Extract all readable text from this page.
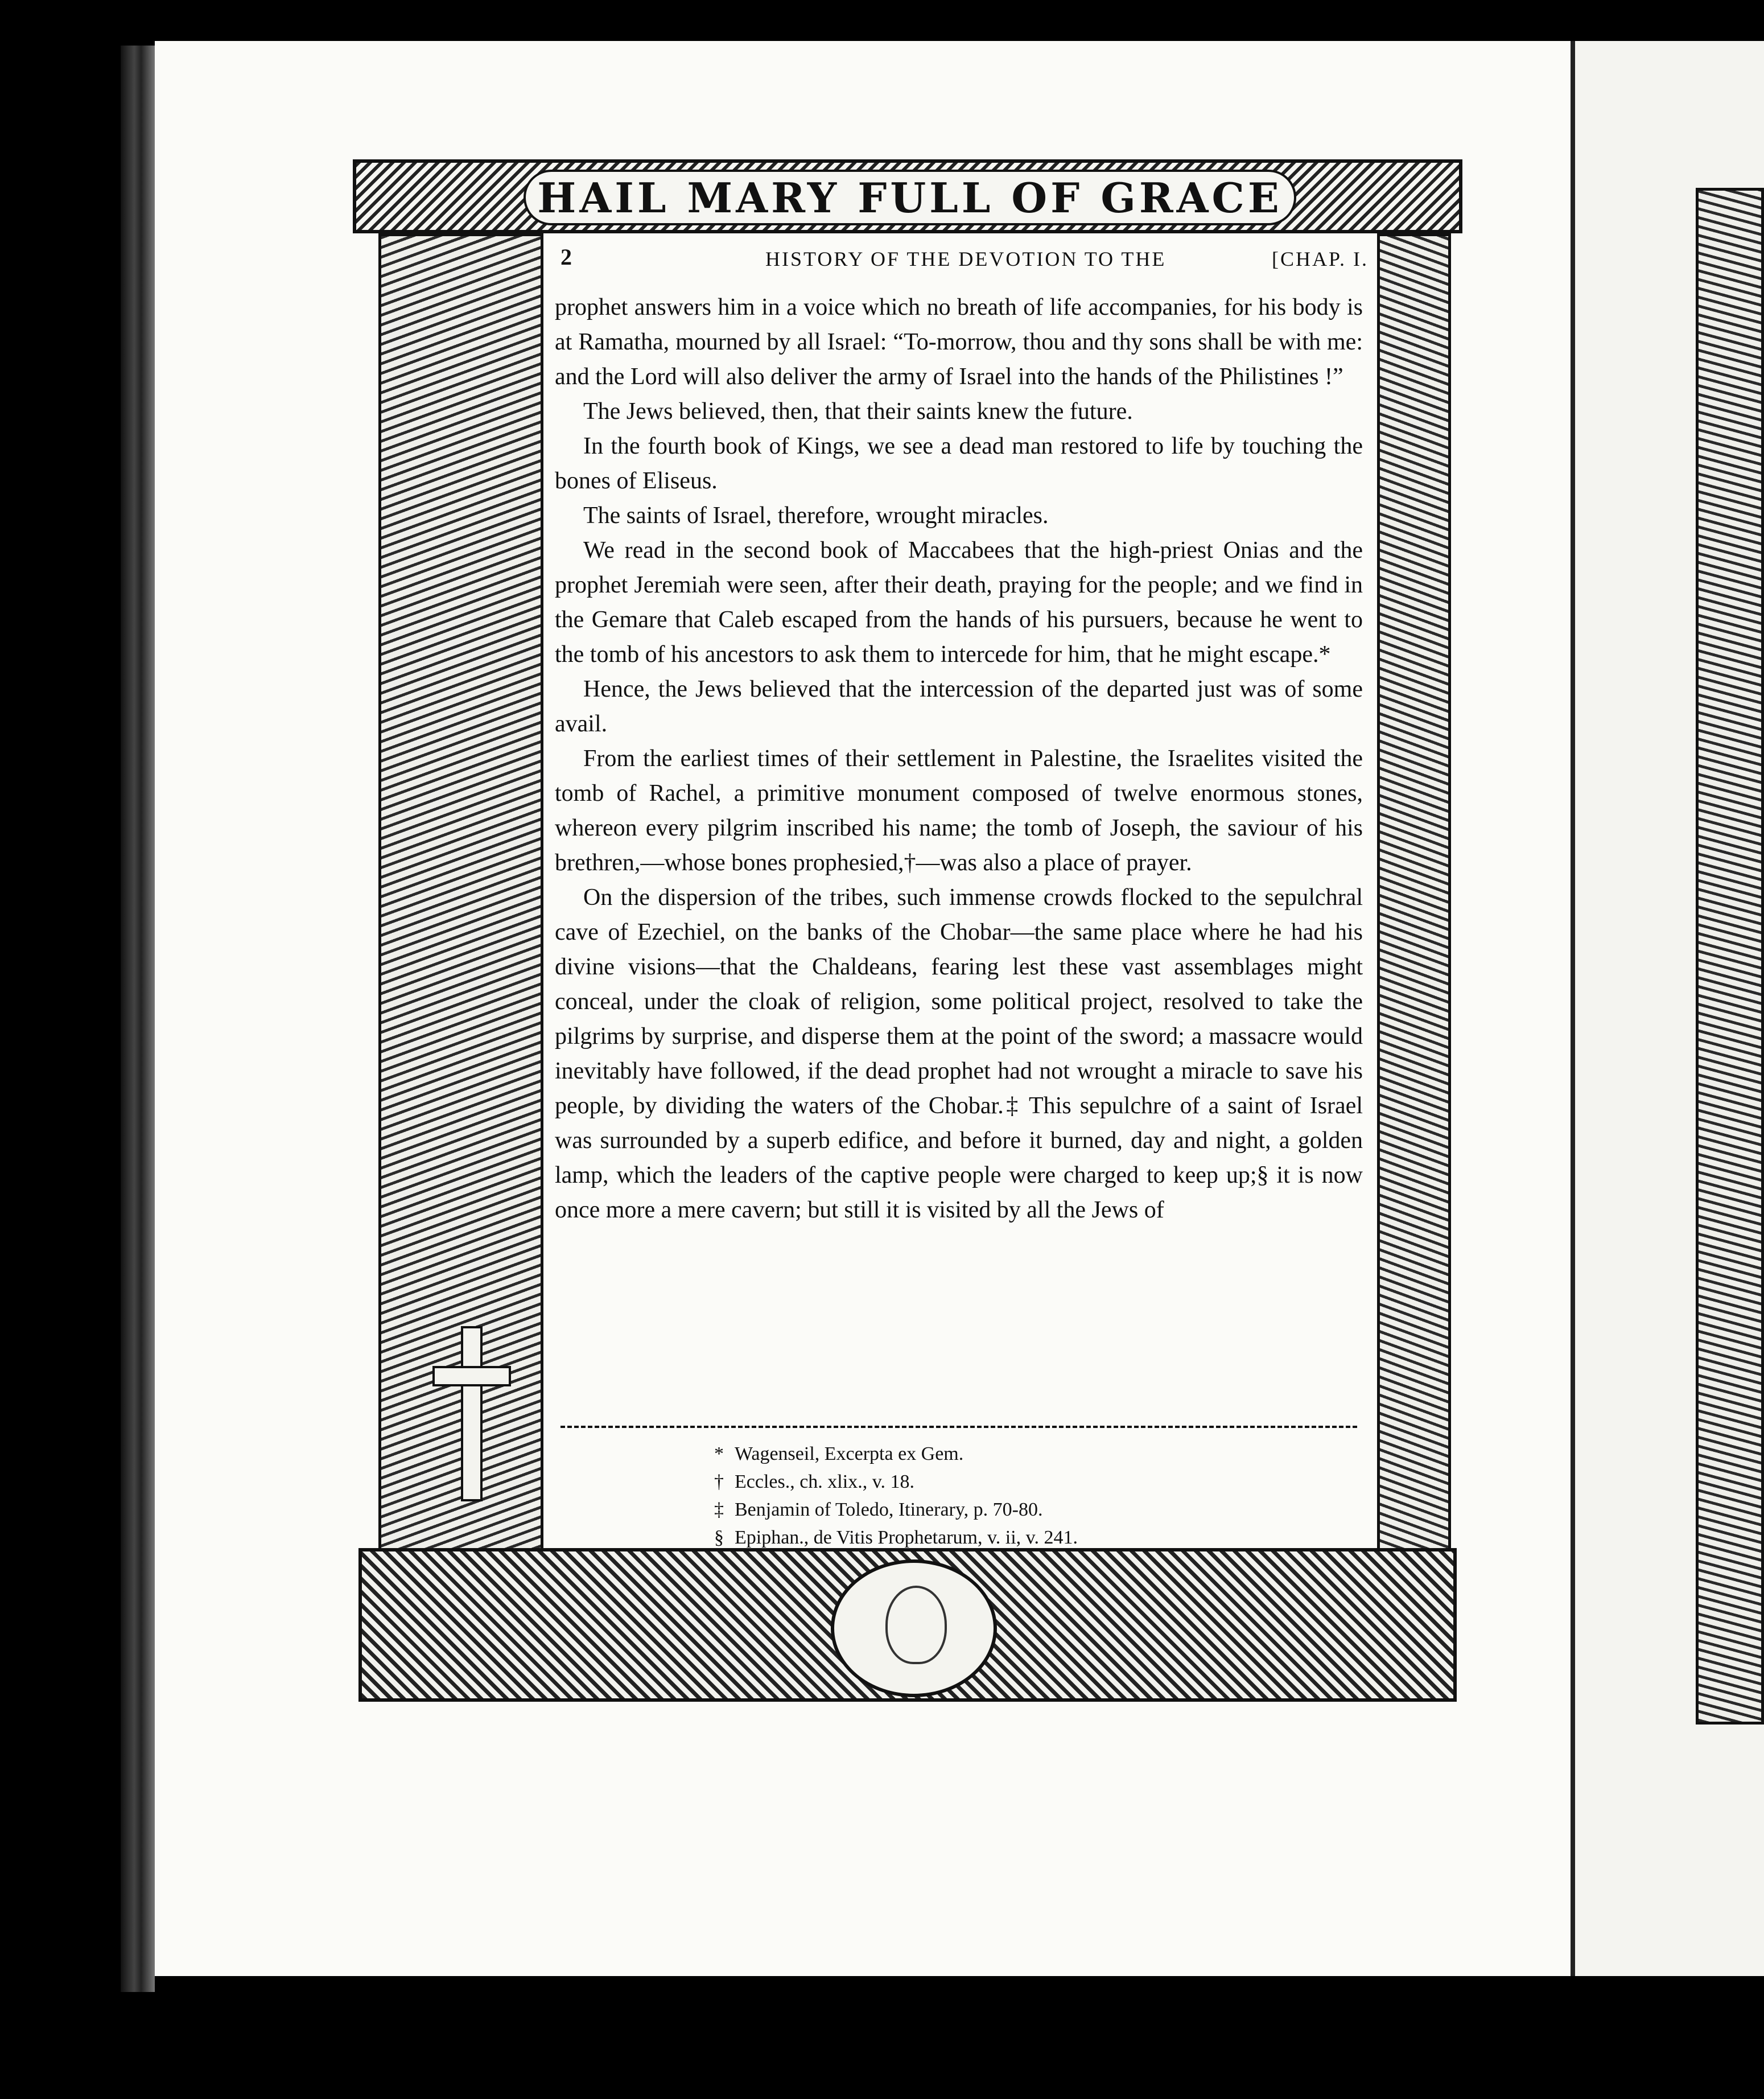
HAIL MARY FULL OF GRACE
2	HISTORY OF THE DEVOTION TO THE	[CHAP. I.

prophet answers him in a voice which no breath of life accompanies, for his body is at Ramatha, mourned by all Israel: “To-morrow, thou and thy sons shall be with me: and the Lord will also deliver the army of Israel into the hands of the Philistines !”

The Jews believed, then, that their saints knew the future.

In the fourth book of Kings, we see a dead man restored to life by touching the bones of Eliseus.

The saints of Israel, therefore, wrought miracles.

We read in the second book of Maccabees that the high-priest Onias and the prophet Jeremiah were seen, after their death, praying for the people; and we find in the Gemare that Caleb escaped from the hands of his pursuers, because he went to the tomb of his ancestors to ask them to intercede for him, that he might escape.*

Hence, the Jews believed that the intercession of the departed just was of some avail.

From the earliest times of their settlement in Palestine, the Israelites visited the tomb of Rachel, a primitive monument composed of twelve enormous stones, whereon every pilgrim inscribed his name; the tomb of Joseph, the saviour of his brethren,—whose bones prophesied,†—was also a place of prayer.

On the dispersion of the tribes, such immense crowds flocked to the sepulchral cave of Ezechiel, on the banks of the Chobar—the same place where he had his divine visions—that the Chaldeans, fearing lest these vast assemblages might conceal, under the cloak of religion, some political project, resolved to take the pilgrims by surprise, and disperse them at the point of the sword; a massacre would inevitably have followed, if the dead prophet had not wrought a miracle to save his people, by dividing the waters of the Chobar.‡ This sepulchre of a saint of Israel was surrounded by a superb edifice, and before it burned, day and night, a golden lamp, which the leaders of the captive people were charged to keep up;§ it is now once more a mere cavern; but still it is visited by all the Jews of

* Wagenseil, Excerpta ex Gem.
† Eccles., ch. xlix., v. 18.
‡ Benjamin of Toledo, Itinerary, p. 70-80.
§ Epiphan., de Vitis Prophetarum, v. ii, v. 241.
